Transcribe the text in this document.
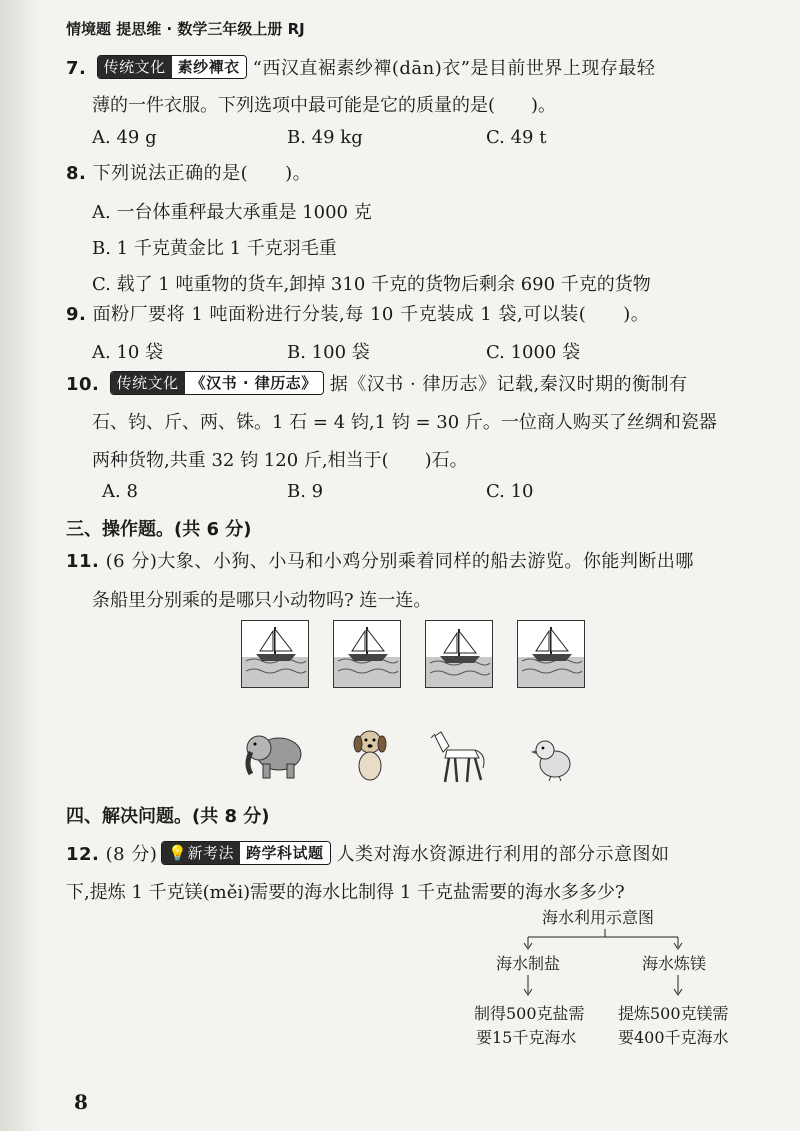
情境题 提思维 · 数学三年级上册 RJ
7.	传统文化 素纱襌衣 “西汉直裾素纱襌(dān)衣”是目前世界上现存最轻
薄的一件衣服。下列选项中最可能是它的质量的是(　　)。
A. 49 g	B. 49 kg	C. 49 t
8. 下列说法正确的是(　　)。
A. 一台体重秤最大承重是 1000 克
B. 1 千克黄金比 1 千克羽毛重
C. 载了 1 吨重物的货车,卸掉 310 千克的货物后剩余 690 千克的货物
9. 面粉厂要将 1 吨面粉进行分装,每 10 千克装成 1 袋,可以装(　　)。
A. 10 袋	B. 100 袋	C. 1000 袋
10.	传统文化 《汉书 · 律历志》 据《汉书 · 律历志》记载,秦汉时期的衡制有
石、钧、斤、两、铢。1 石 = 4 钧,1 钧 = 30 斤。一位商人购买了丝绸和瓷器
两种货物,共重 32 钧 120 斤,相当于(　　)石。
A. 8	B. 9	C. 10
三、操作题。(共 6 分)
11. (6 分)大象、小狗、小马和小鸡分别乘着同样的船去游览。你能判断出哪
条船里分别乘的是哪只小动物吗? 连一连。
四、解决问题。(共 8 分)
12. (8 分) 💡新考法 跨学科试题 人类对海水资源进行利用的部分示意图如
下,提炼 1 千克镁(měi)需要的海水比制得 1 千克盐需要的海水多多少?
海水利用示意图
海水制盐	海水炼镁
制得500克盐需
要15千克海水
提炼500克镁需
要400千克海水
8
